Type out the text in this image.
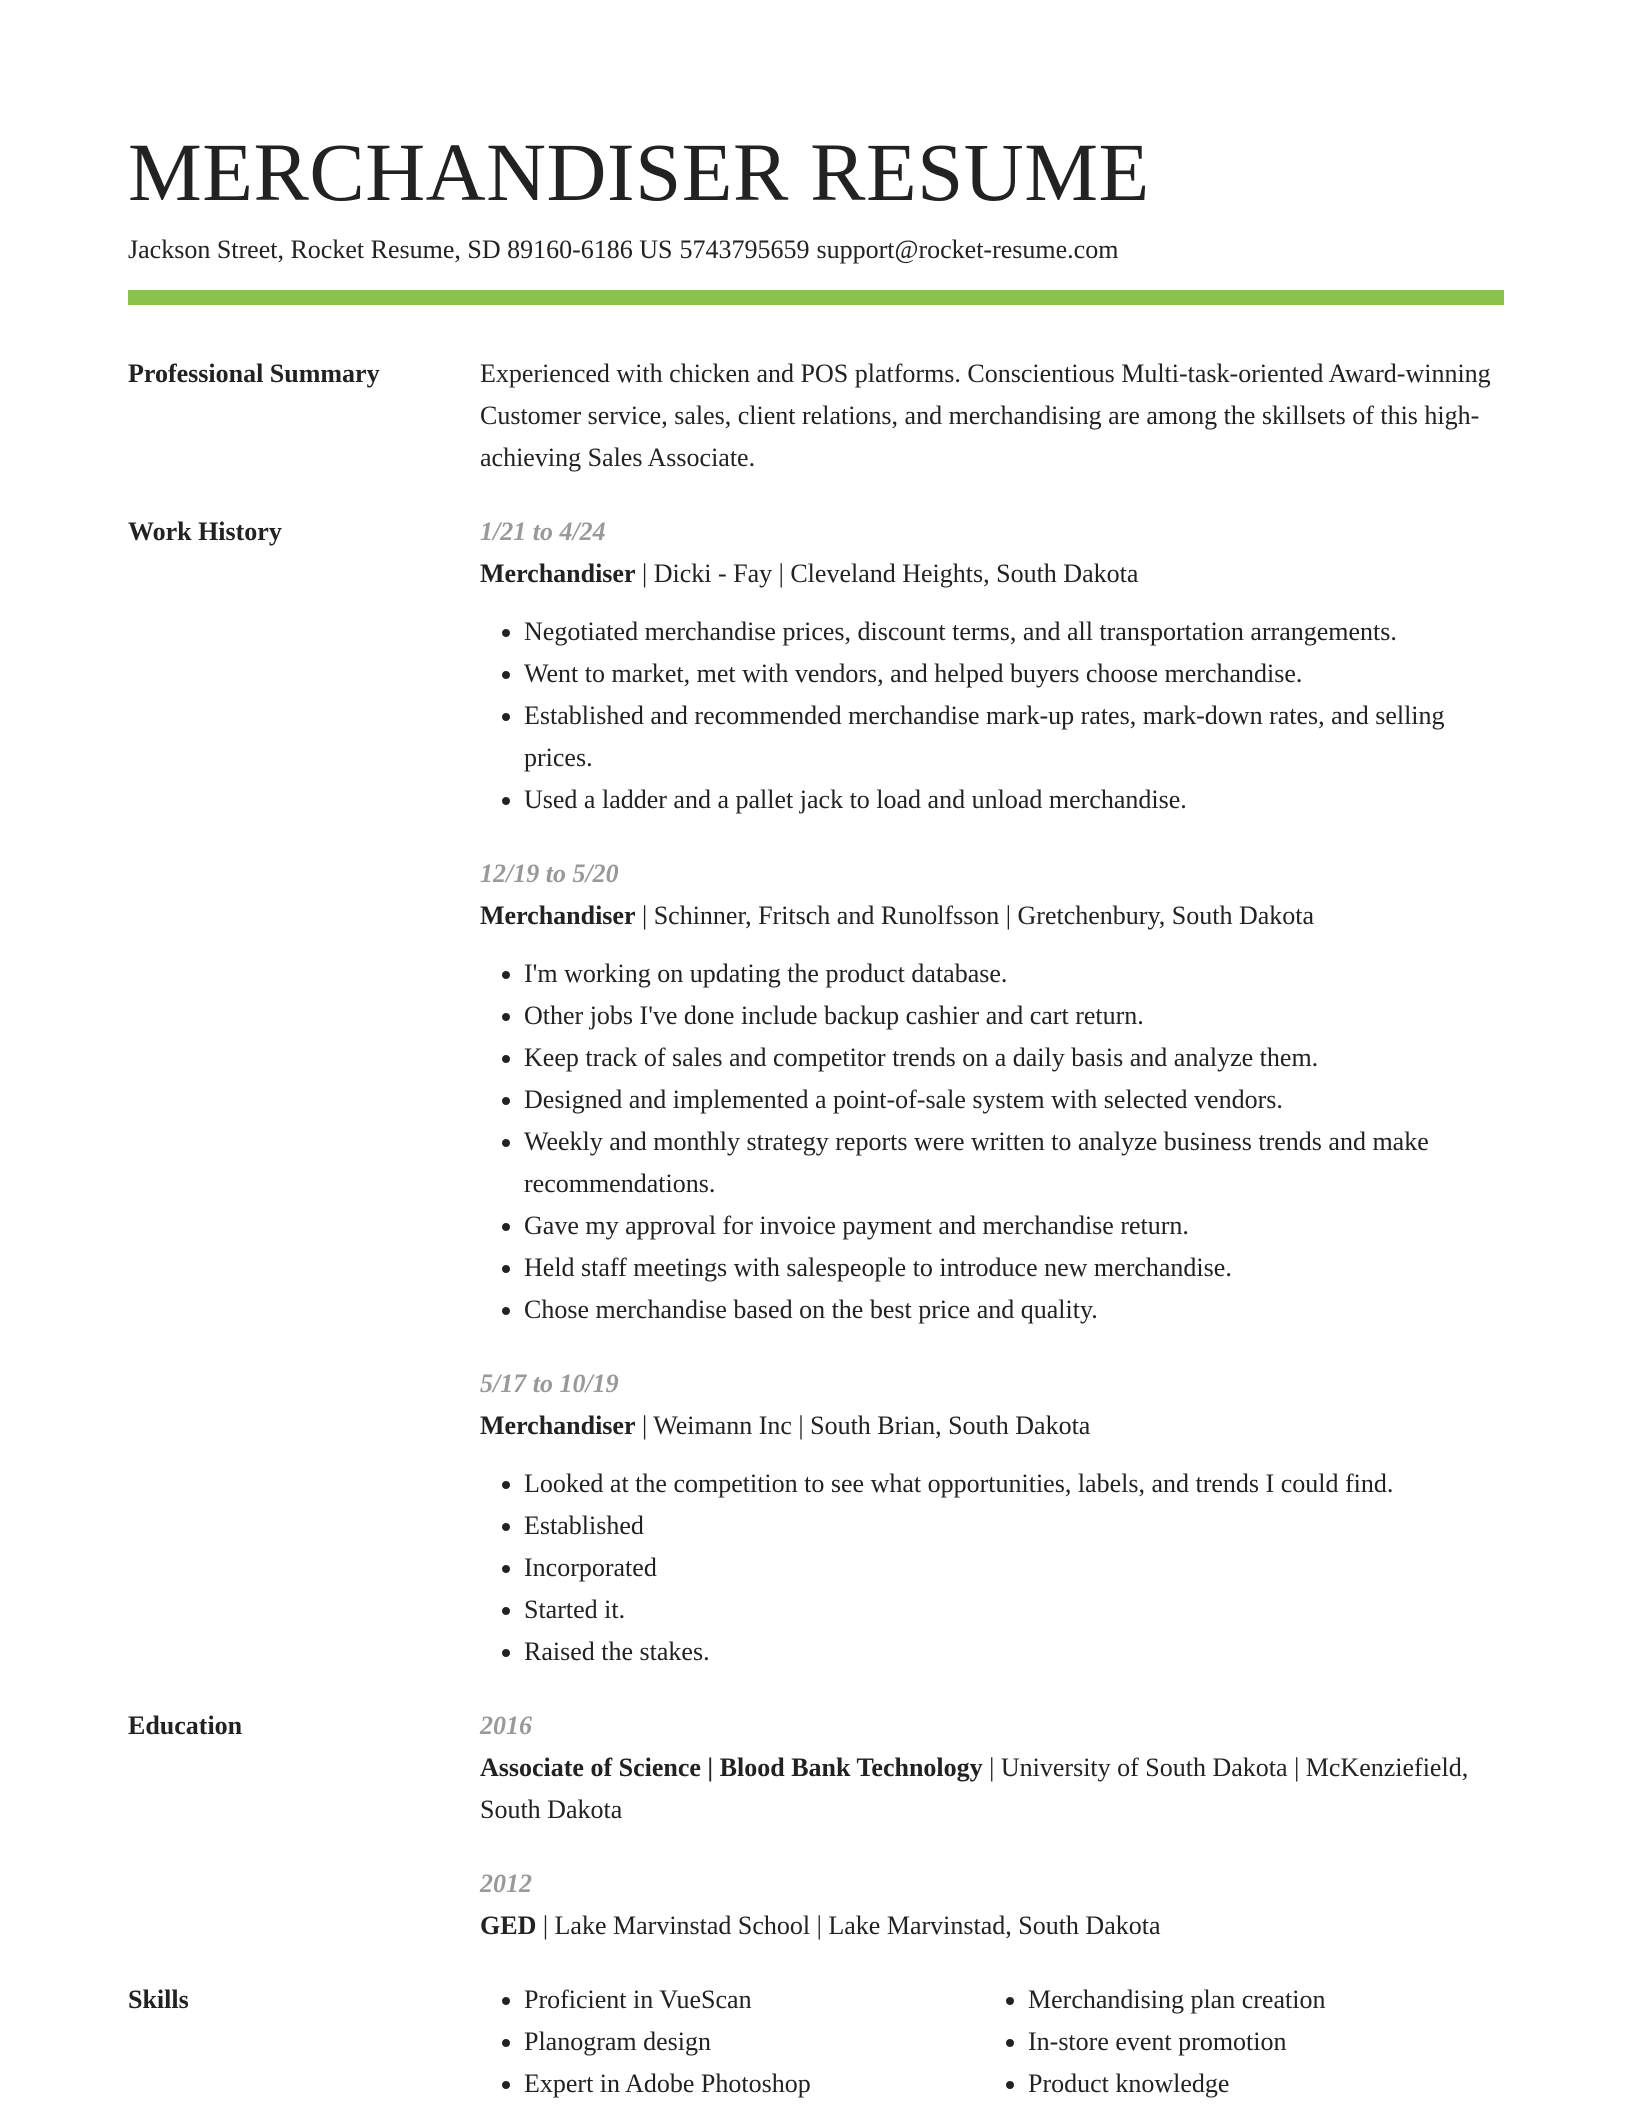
MERCHANDISER RESUME
Jackson Street, Rocket Resume, SD 89160-6186 US 5743795659 support@rocket-resume.com
Professional Summary	Experienced with chicken and POS platforms. Conscientious Multi-task-oriented Award-winning Customer service, sales, client relations, and merchandising are among the skillsets of this high-achieving Sales Associate.
Work History	1/21 to 4/24
Merchandiser | Dicki - Fay | Cleveland Heights, South Dakota
• Negotiated merchandise prices, discount terms, and all transportation arrangements.
• Went to market, met with vendors, and helped buyers choose merchandise.
• Established and recommended merchandise mark-up rates, mark-down rates, and selling prices.
• Used a ladder and a pallet jack to load and unload merchandise.
12/19 to 5/20
Merchandiser | Schinner, Fritsch and Runolfsson | Gretchenbury, South Dakota
• I'm working on updating the product database.
• Other jobs I've done include backup cashier and cart return.
• Keep track of sales and competitor trends on a daily basis and analyze them.
• Designed and implemented a point-of-sale system with selected vendors.
• Weekly and monthly strategy reports were written to analyze business trends and make recommendations.
• Gave my approval for invoice payment and merchandise return.
• Held staff meetings with salespeople to introduce new merchandise.
• Chose merchandise based on the best price and quality.
5/17 to 10/19
Merchandiser | Weimann Inc | South Brian, South Dakota
• Looked at the competition to see what opportunities, labels, and trends I could find.
• Established
• Incorporated
• Started it.
• Raised the stakes.
Education	2016
Associate of Science | Blood Bank Technology | University of South Dakota | McKenziefield, South Dakota
2012
GED | Lake Marvinstad School | Lake Marvinstad, South Dakota
Skills
•	Proficient in VueScan
• Planogram design
• Expert in Adobe Photoshop
• Merchandising plan creation
• In-store event promotion
• Product knowledge
